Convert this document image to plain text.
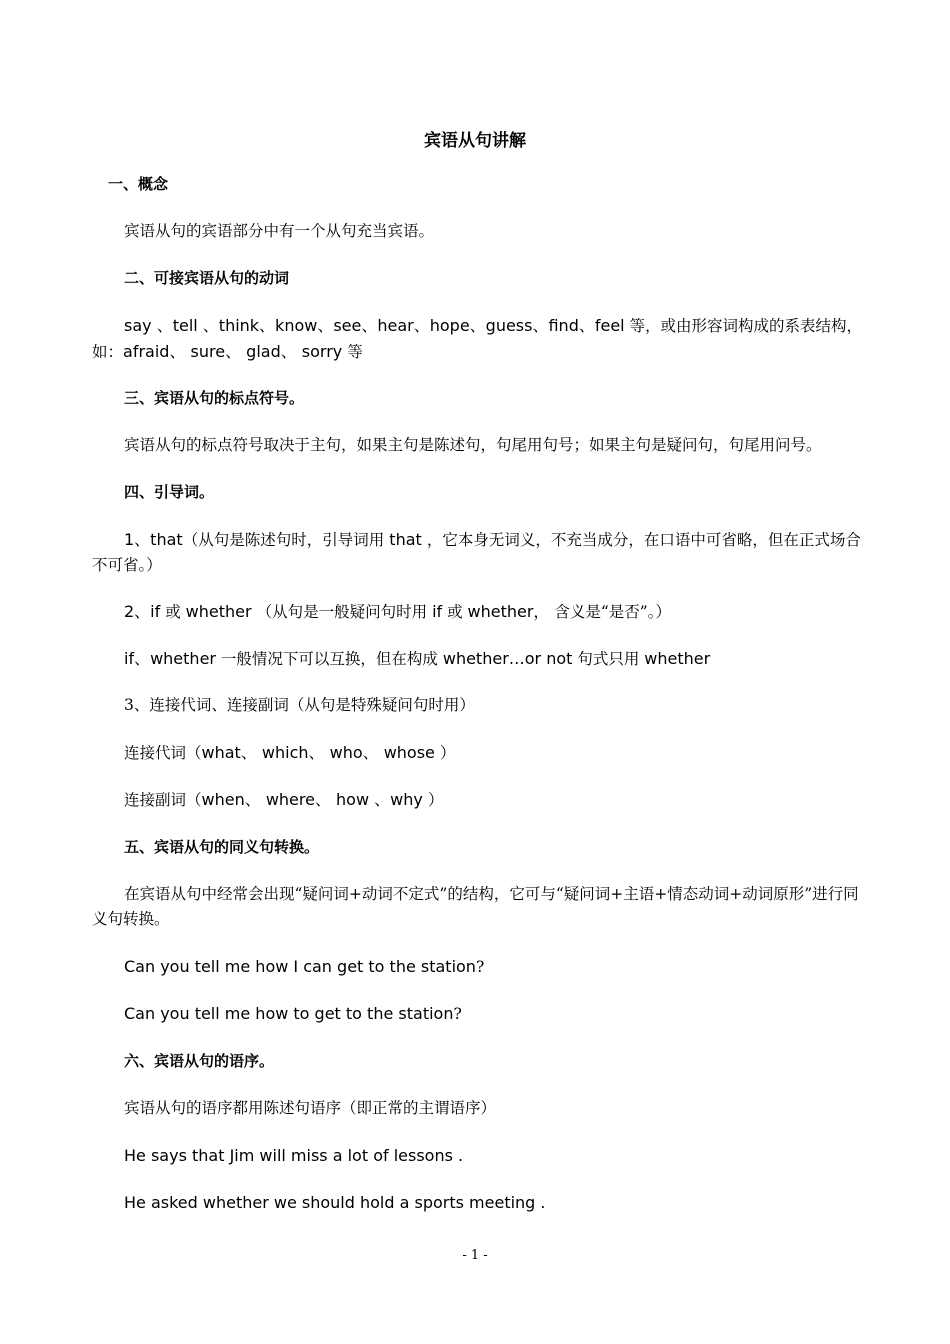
宾语从句讲解
一、概念
宾语从句的宾语部分中有一个从句充当宾语。
二、可接宾语从句的动词
say 、tell 、think、know、see、hear、hope、guess、find、feel 等，或由形容词构成的系表结构，
如：afraid、 sure、 glad、 sorry 等
三、宾语从句的标点符号。
宾语从句的标点符号取决于主句，如果主句是陈述句，句尾用句号；如果主句是疑问句，句尾用问号。
四、引导词。
1、that（从句是陈述句时，引导词用 that ，它本身无词义，不充当成分，在口语中可省略，但在正式场合不可省。）
2、if 或 whether （从句是一般疑问句时用 if 或 whether， 含义是“是否”。）
if、whether 一般情况下可以互换，但在构成 whether…or not 句式只用 whether
3、连接代词、连接副词（从句是特殊疑问句时用）
连接代词（what、 which、 who、 whose ）
连接副词（when、 where、 how 、why ）
五、宾语从句的同义句转换。
在宾语从句中经常会出现“疑问词+动词不定式”的结构，它可与“疑问词+主语+情态动词+动词原形”进行同义句转换。
Can you tell me how I can get to the station?
Can you tell me how to get to the station?
六、宾语从句的语序。
宾语从句的语序都用陈述句语序（即正常的主谓语序）
He says that Jim will miss a lot of lessons .
He asked whether we should hold a sports meeting .
- 1 -
